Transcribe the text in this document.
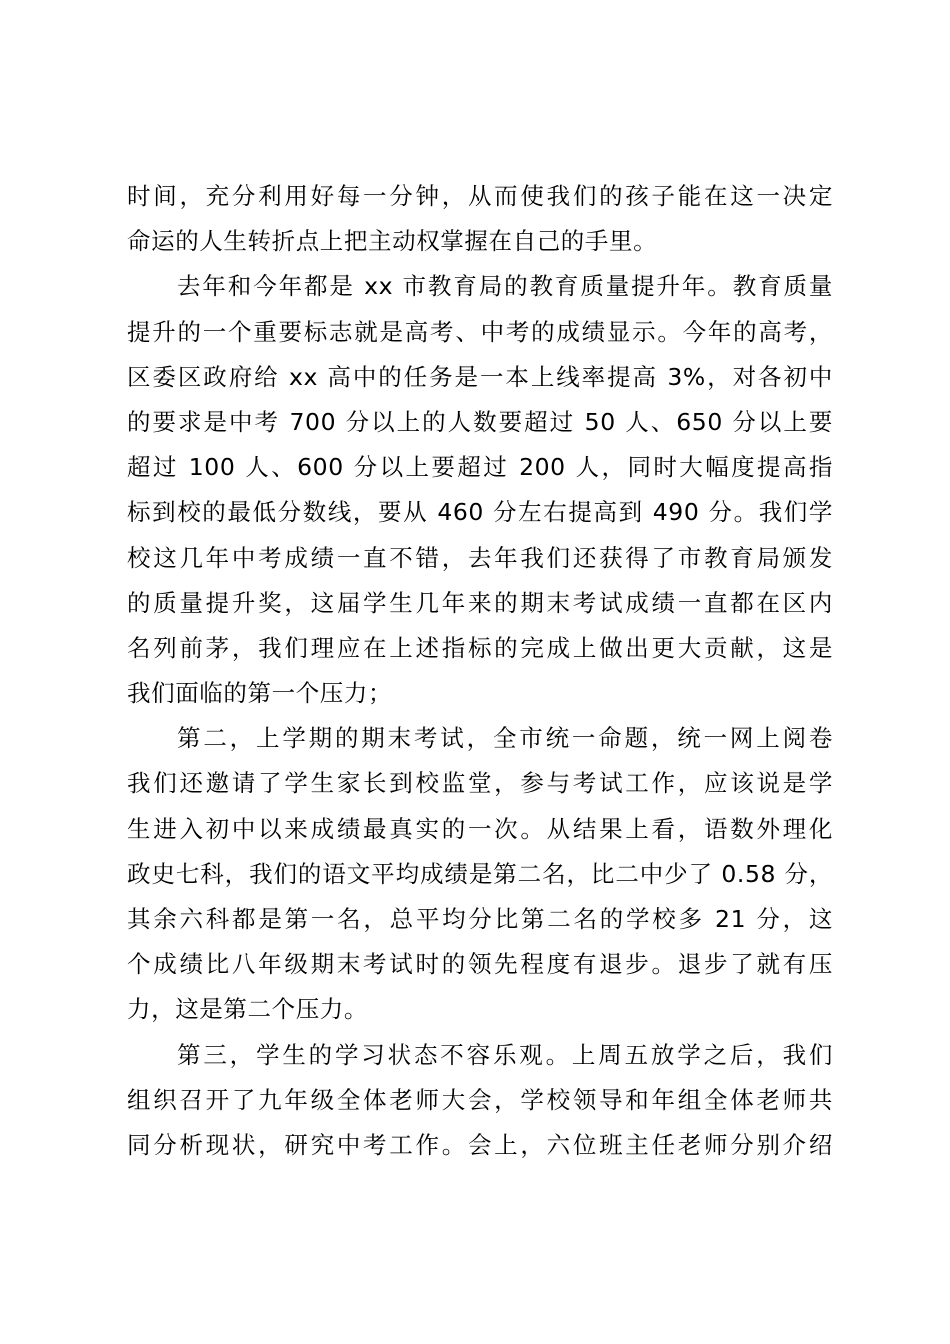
时间，充分利用好每一分钟，从而使我们的孩子能在这一决定
命运的人生转折点上把主动权掌握在自己的手里。
去年和今年都是 xx 市教育局的教育质量提升年。教育质量
提升的一个重要标志就是高考、中考的成绩显示。今年的高考，
区委区政府给 xx 高中的任务是一本上线率提高 3%，对各初中
的要求是中考 700 分以上的人数要超过 50 人、650 分以上要
超过 100 人、600 分以上要超过 200 人，同时大幅度提高指
标到校的最低分数线，要从 460 分左右提高到 490 分。我们学
校这几年中考成绩一直不错，去年我们还获得了市教育局颁发
的质量提升奖，这届学生几年来的期末考试成绩一直都在区内
名列前茅，我们理应在上述指标的完成上做出更大贡献，这是
我们面临的第一个压力；
第二，上学期的期末考试，全市统一命题，统一网上阅卷
我们还邀请了学生家长到校监堂，参与考试工作，应该说是学
生进入初中以来成绩最真实的一次。从结果上看，语数外理化
政史七科，我们的语文平均成绩是第二名，比二中少了 0.58 分，
其余六科都是第一名，总平均分比第二名的学校多 21 分，这
个成绩比八年级期末考试时的领先程度有退步。退步了就有压
力，这是第二个压力。
第三，学生的学习状态不容乐观。上周五放学之后，我们
组织召开了九年级全体老师大会，学校领导和年组全体老师共
同分析现状，研究中考工作。会上，六位班主任老师分别介绍
